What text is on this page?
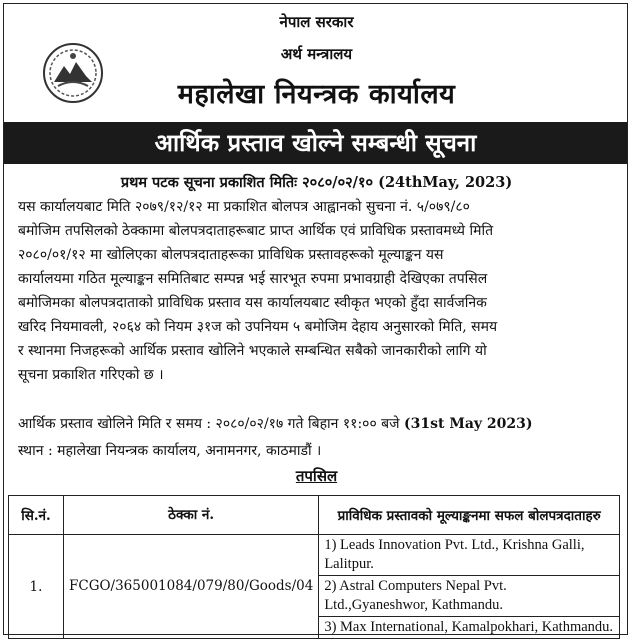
नेपाल सरकार
अर्थ मन्त्रालय
महालेखा नियन्त्रक कार्यालय
आर्थिक प्रस्ताव खोल्ने सम्बन्धी सूचना
प्रथम पटक सूचना प्रकाशित मितिः २०८०/०२/१० (24thMay, 2023)
यस कार्यालयबाट मिति २०७९/१२/१२ मा प्रकाशित बोलपत्र आह्वानको सुचना नं. ५/०७९/८०
बमोजिम तपसिलको ठेक्कामा बोलपत्रदाताहरूबाट प्राप्त आर्थिक एवं प्राविधिक प्रस्तावमध्ये मिति
२०८०/०१/१२ मा खोलिएका बोलपत्रदाताहरूका प्राविधिक प्रस्तावहरूको मूल्याङ्कन यस
कार्यालयमा गठित मूल्याङ्कन समितिबाट सम्पन्न भई सारभूत रुपमा प्रभावग्राही देखिएका तपसिल
बमोजिमका बोलपत्रदाताको प्राविधिक प्रस्ताव यस कार्यालयबाट स्वीकृत भएको हुँदा सार्वजनिक
खरिद नियमावली, २०६४ को नियम ३१ज को उपनियम ५ बमोजिम देहाय अनुसारको मिति, समय
र स्थानमा निजहरूको आर्थिक प्रस्ताव खोलिने भएकाले सम्बन्धित सबैको जानकारीको लागि यो
सूचना प्रकाशित गरिएको छ ।
आर्थिक प्रस्ताव खोलिने मिति र समय : २०८०/०२/१७ गते बिहान ११:०० बजे (31st May 2023)
स्थान : महालेखा नियन्त्रक कार्यालय, अनामनगर, काठमाडौं ।
तपसिल
सि.नं.	ठेक्का नं.	प्राविधिक प्रस्तावको मूल्याङ्कनमा सफल बोलपत्रदाताहरु
1.	FCGO/365001084/079/80/Goods/04	1) Leads Innovation Pvt. Ltd., Krishna Galli, Lalitpur.
		2) Astral Computers Nepal Pvt. Ltd.,Gyaneshwor, Kathmandu.
		3) Max International, Kamalpokhari, Kathmandu.
